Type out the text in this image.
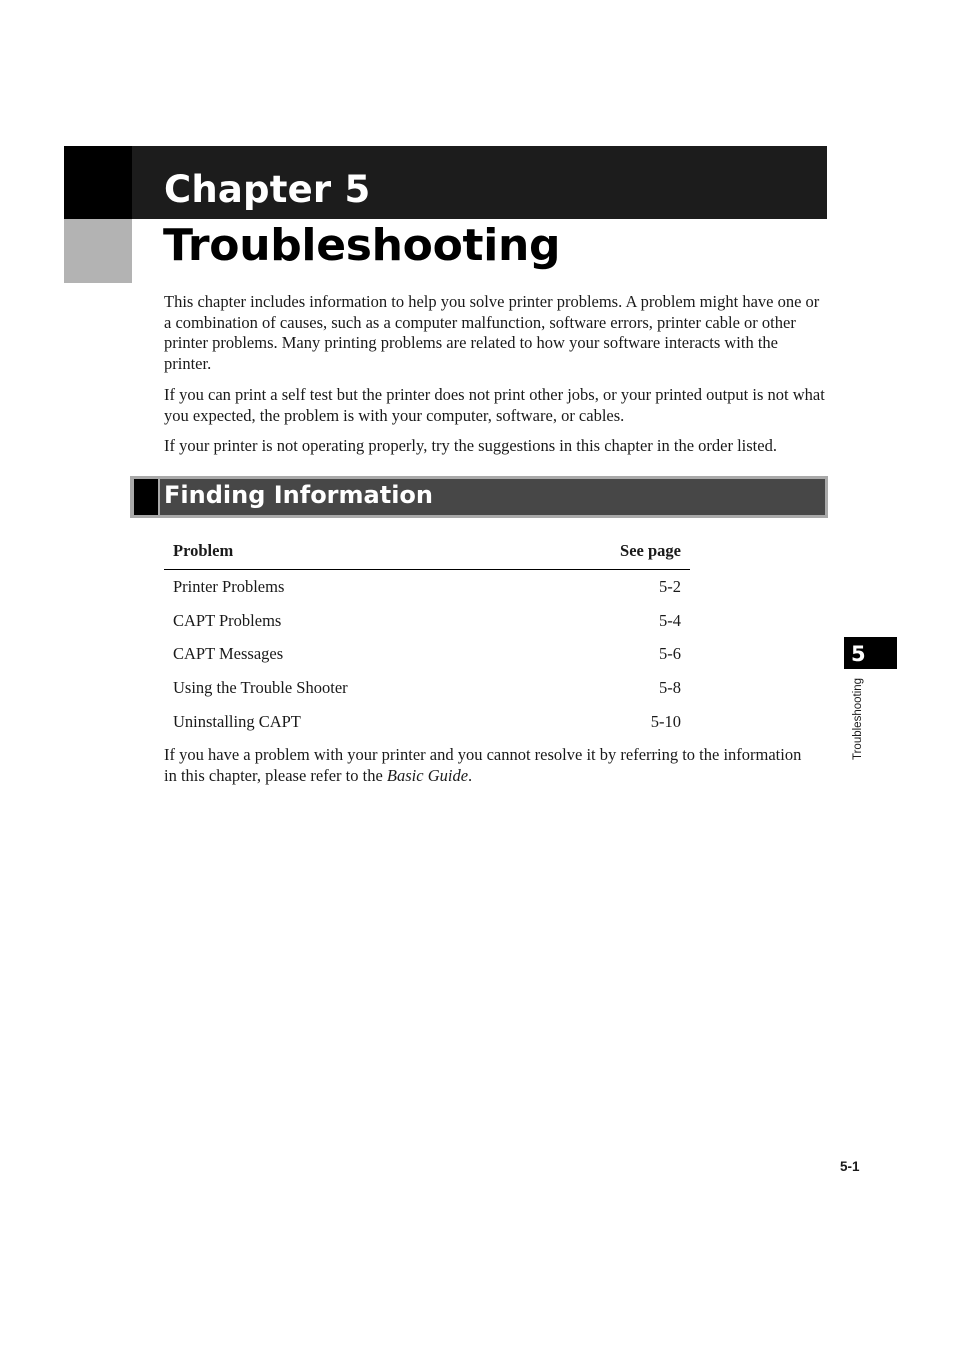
Chapter 5
Troubleshooting

This chapter includes information to help you solve printer problems. A problem might have one or a combination of causes, such as a computer malfunction, software errors, printer cable or other printer problems. Many printing problems are related to how your software interacts with the printer.

If you can print a self test but the printer does not print other jobs, or your printed output is not what you expected, the problem is with your computer, software, or cables.

If your printer is not operating properly, try the suggestions in this chapter in the order listed.

Finding Information
Problem	See page
Printer Problems	5-2
CAPT Problems	5-4
CAPT Messages	5-6
Using the Trouble Shooter	5-8
Uninstalling CAPT	5-10

If you have a problem with your printer and you cannot resolve it by referring to the information in this chapter, please refer to the Basic Guide.

5

Troubleshooting

5-1
